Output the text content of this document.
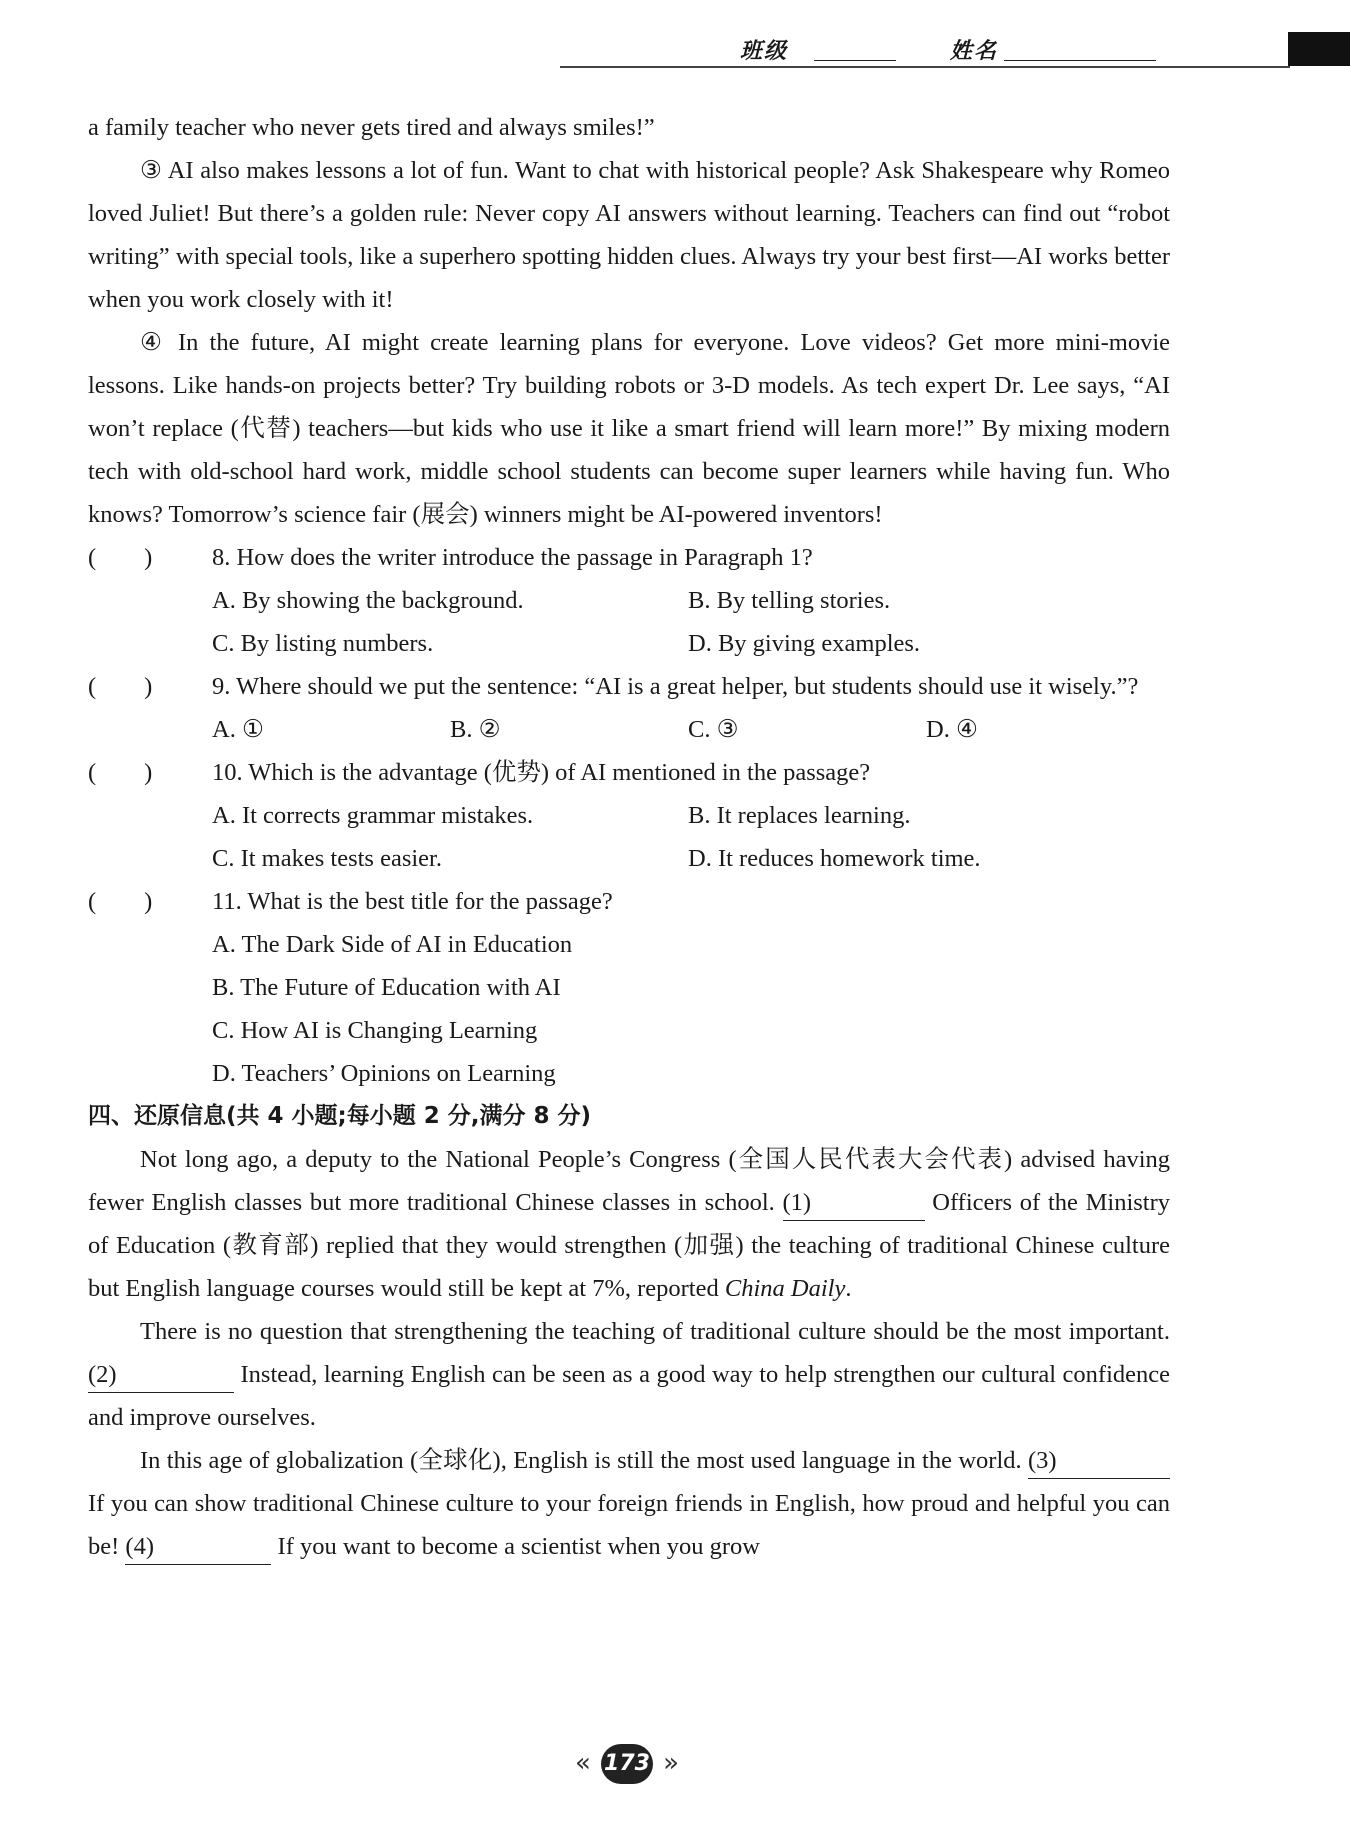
班级	姓名

a family teacher who never gets tired and always smiles!”

③ AI also makes lessons a lot of fun. Want to chat with historical people? Ask Shakespeare why Romeo loved Juliet! But there’s a golden rule: Never copy AI answers without learning. Teachers can find out “robot writing” with special tools, like a superhero spotting hidden clues. Always try your best first—AI works better when you work closely with it!

④ In the future, AI might create learning plans for everyone. Love videos? Get more mini-movie lessons. Like hands-on projects better? Try building robots or 3-D models. As tech expert Dr. Lee says, “AI won’t replace (代替) teachers—but kids who use it like a smart friend will learn more!” By mixing modern tech with old-school hard work, middle school students can become super learners while having fun. Who knows? Tomorrow’s science fair (展会) winners might be AI-powered inventors!

( ) 8. How does the writer introduce the passage in Paragraph 1?

A. By showing the background.	B. By telling stories.
C. By listing numbers.	D. By giving examples.

( ) 9. Where should we put the sentence: “AI is a great helper, but students should use it wisely.”?

A. ①	B. ②	C. ③	D. ④

( ) 10. Which is the advantage (优势) of AI mentioned in the passage?

A. It corrects grammar mistakes.	B. It replaces learning.
C. It makes tests easier.	D. It reduces homework time.

( ) 11. What is the best title for the passage?

A. The Dark Side of AI in Education
B. The Future of Education with AI
C. How AI is Changing Learning
D. Teachers’ Opinions on Learning

四、还原信息(共 4 小题;每小题 2 分,满分 8 分)

Not long ago, a deputy to the National People’s Congress (全国人民代表大会代表) advised having fewer English classes but more traditional Chinese classes in school. (1)	Officers of the Ministry of Education (教育部) replied that they would strengthen (加强) the teaching of traditional Chinese culture but English language courses would still be kept at 7%, reported China Daily.

There is no question that strengthening the teaching of traditional culture should be the most important. (2)	Instead, learning English can be seen as a good way to help strengthen our cultural confidence and improve ourselves.

In this age of globalization (全球化), English is still the most used language in the world. (3) If you can show traditional Chinese culture to your foreign friends in English, how proud and helpful you can be! (4)	If you want to become a scientist when you grow

« 173 »
